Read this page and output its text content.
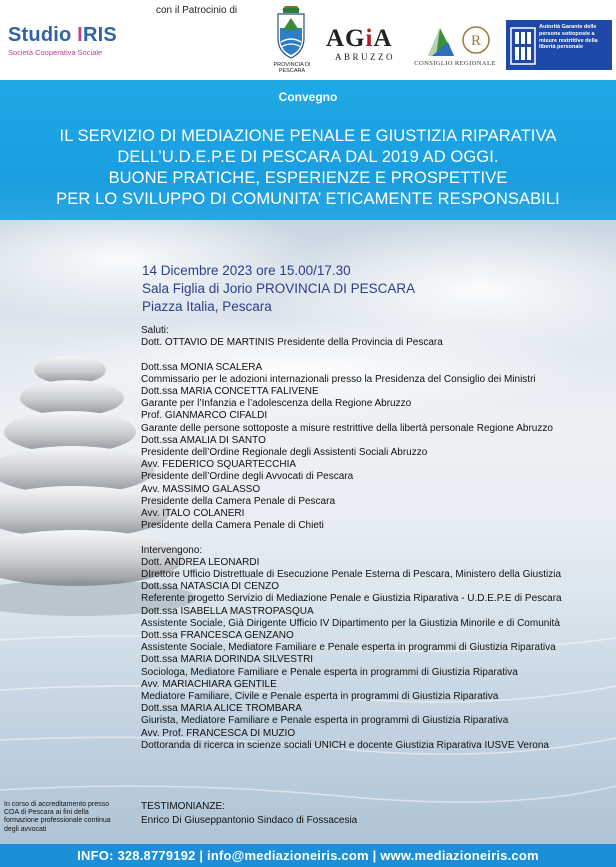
Studio IRIS
Società Cooperativa Sociale
con il Patrocinio di
PROVINCIA DI PESCARA
AGiA
ABRUZZO
R
CONSIGLIO REGIONALE
Autorità Garante delle persone sottoposte a misure restrittive della libertà personale
Convegno
IL SERVIZIO DI MEDIAZIONE PENALE E GIUSTIZIA RIPARATIVA
DELL’U.D.E.P.E DI PESCARA DAL 2019 AD OGGI.
BUONE PRATICHE, ESPERIENZE E PROSPETTIVE
PER LO SVILUPPO DI COMUNITA’ ETICAMENTE RESPONSABILI
14 Dicembre 2023 ore 15.00/17.30
Sala Figlia di Jorio PROVINCIA DI PESCARA
Piazza Italia, Pescara
Saluti:
Dott. OTTAVIO DE MARTINIS Presidente della Provincia di Pescara
Dott.ssa MONIA SCALERA
Commissario per le adozioni internazionali presso la Presidenza del Consiglio dei Ministri
Dott.ssa MARIA CONCETTA FALIVENE
Garante per l’Infanzia e l’adolescenza della Regione Abruzzo
Prof. GIANMARCO CIFALDI
Garante delle persone sottoposte a misure restrittive della libertà personale Regione Abruzzo
Dott.ssa AMALIA DI SANTO
Presidente dell’Ordine Regionale degli Assistenti Sociali Abruzzo
Avv. FEDERICO SQUARTECCHIA
Presidente dell’Ordine degli Avvocati di Pescara
Avv. MASSIMO GALASSO
Presidente della Camera Penale di Pescara
Avv. ITALO COLANERI
Presidente della Camera Penale di Chieti
Intervengono:
Dott. ANDREA LEONARDI
DIrettore Ufficio Distrettuale di Esecuzione Penale Esterna di Pescara, Ministero della Giustizia
Dott.ssa NATASCIA DI CENZO
Referente progetto Servizio di Mediazione Penale e Giustizia Riparativa - U.D.E.P.E di Pescara
Dott.ssa ISABELLA MASTROPASQUA
Assistente Sociale, Già Dirigente Ufficio IV Dipartimento per la Giustizia Minorile e di Comunità
Dott.ssa FRANCESCA GENZANO
Assistente Sociale, Mediatore Familiare e Penale esperta in programmi di Giustizia Riparativa
Dott.ssa MARIA DORINDA SILVESTRI
Sociologa, Mediatore Familiare e Penale esperta in programmi di Giustizia Riparativa
Avv. MARIACHIARA GENTILE
Mediatore Familiare, Civile e Penale esperta in programmi di Giustizia Riparativa
Dott.ssa MARIA ALICE TROMBARA
Giurista, Mediatore Familiare e Penale esperta in programmi di Giustizia Riparativa
Avv. Prof. FRANCESCA DI MUZIO
Dottoranda di ricerca in scienze sociali UNICH e docente Giustizia Riparativa IUSVE Verona
In corso di accreditamento presso
COA di Pescara ai fini della
formazione professionale continua
degli avvocati
TESTIMONIANZE:
Enrico Di Giuseppantonio Sindaco di Fossacesia
INFO: 328.8779192 | info@mediazioneiris.com | www.mediazioneiris.com
